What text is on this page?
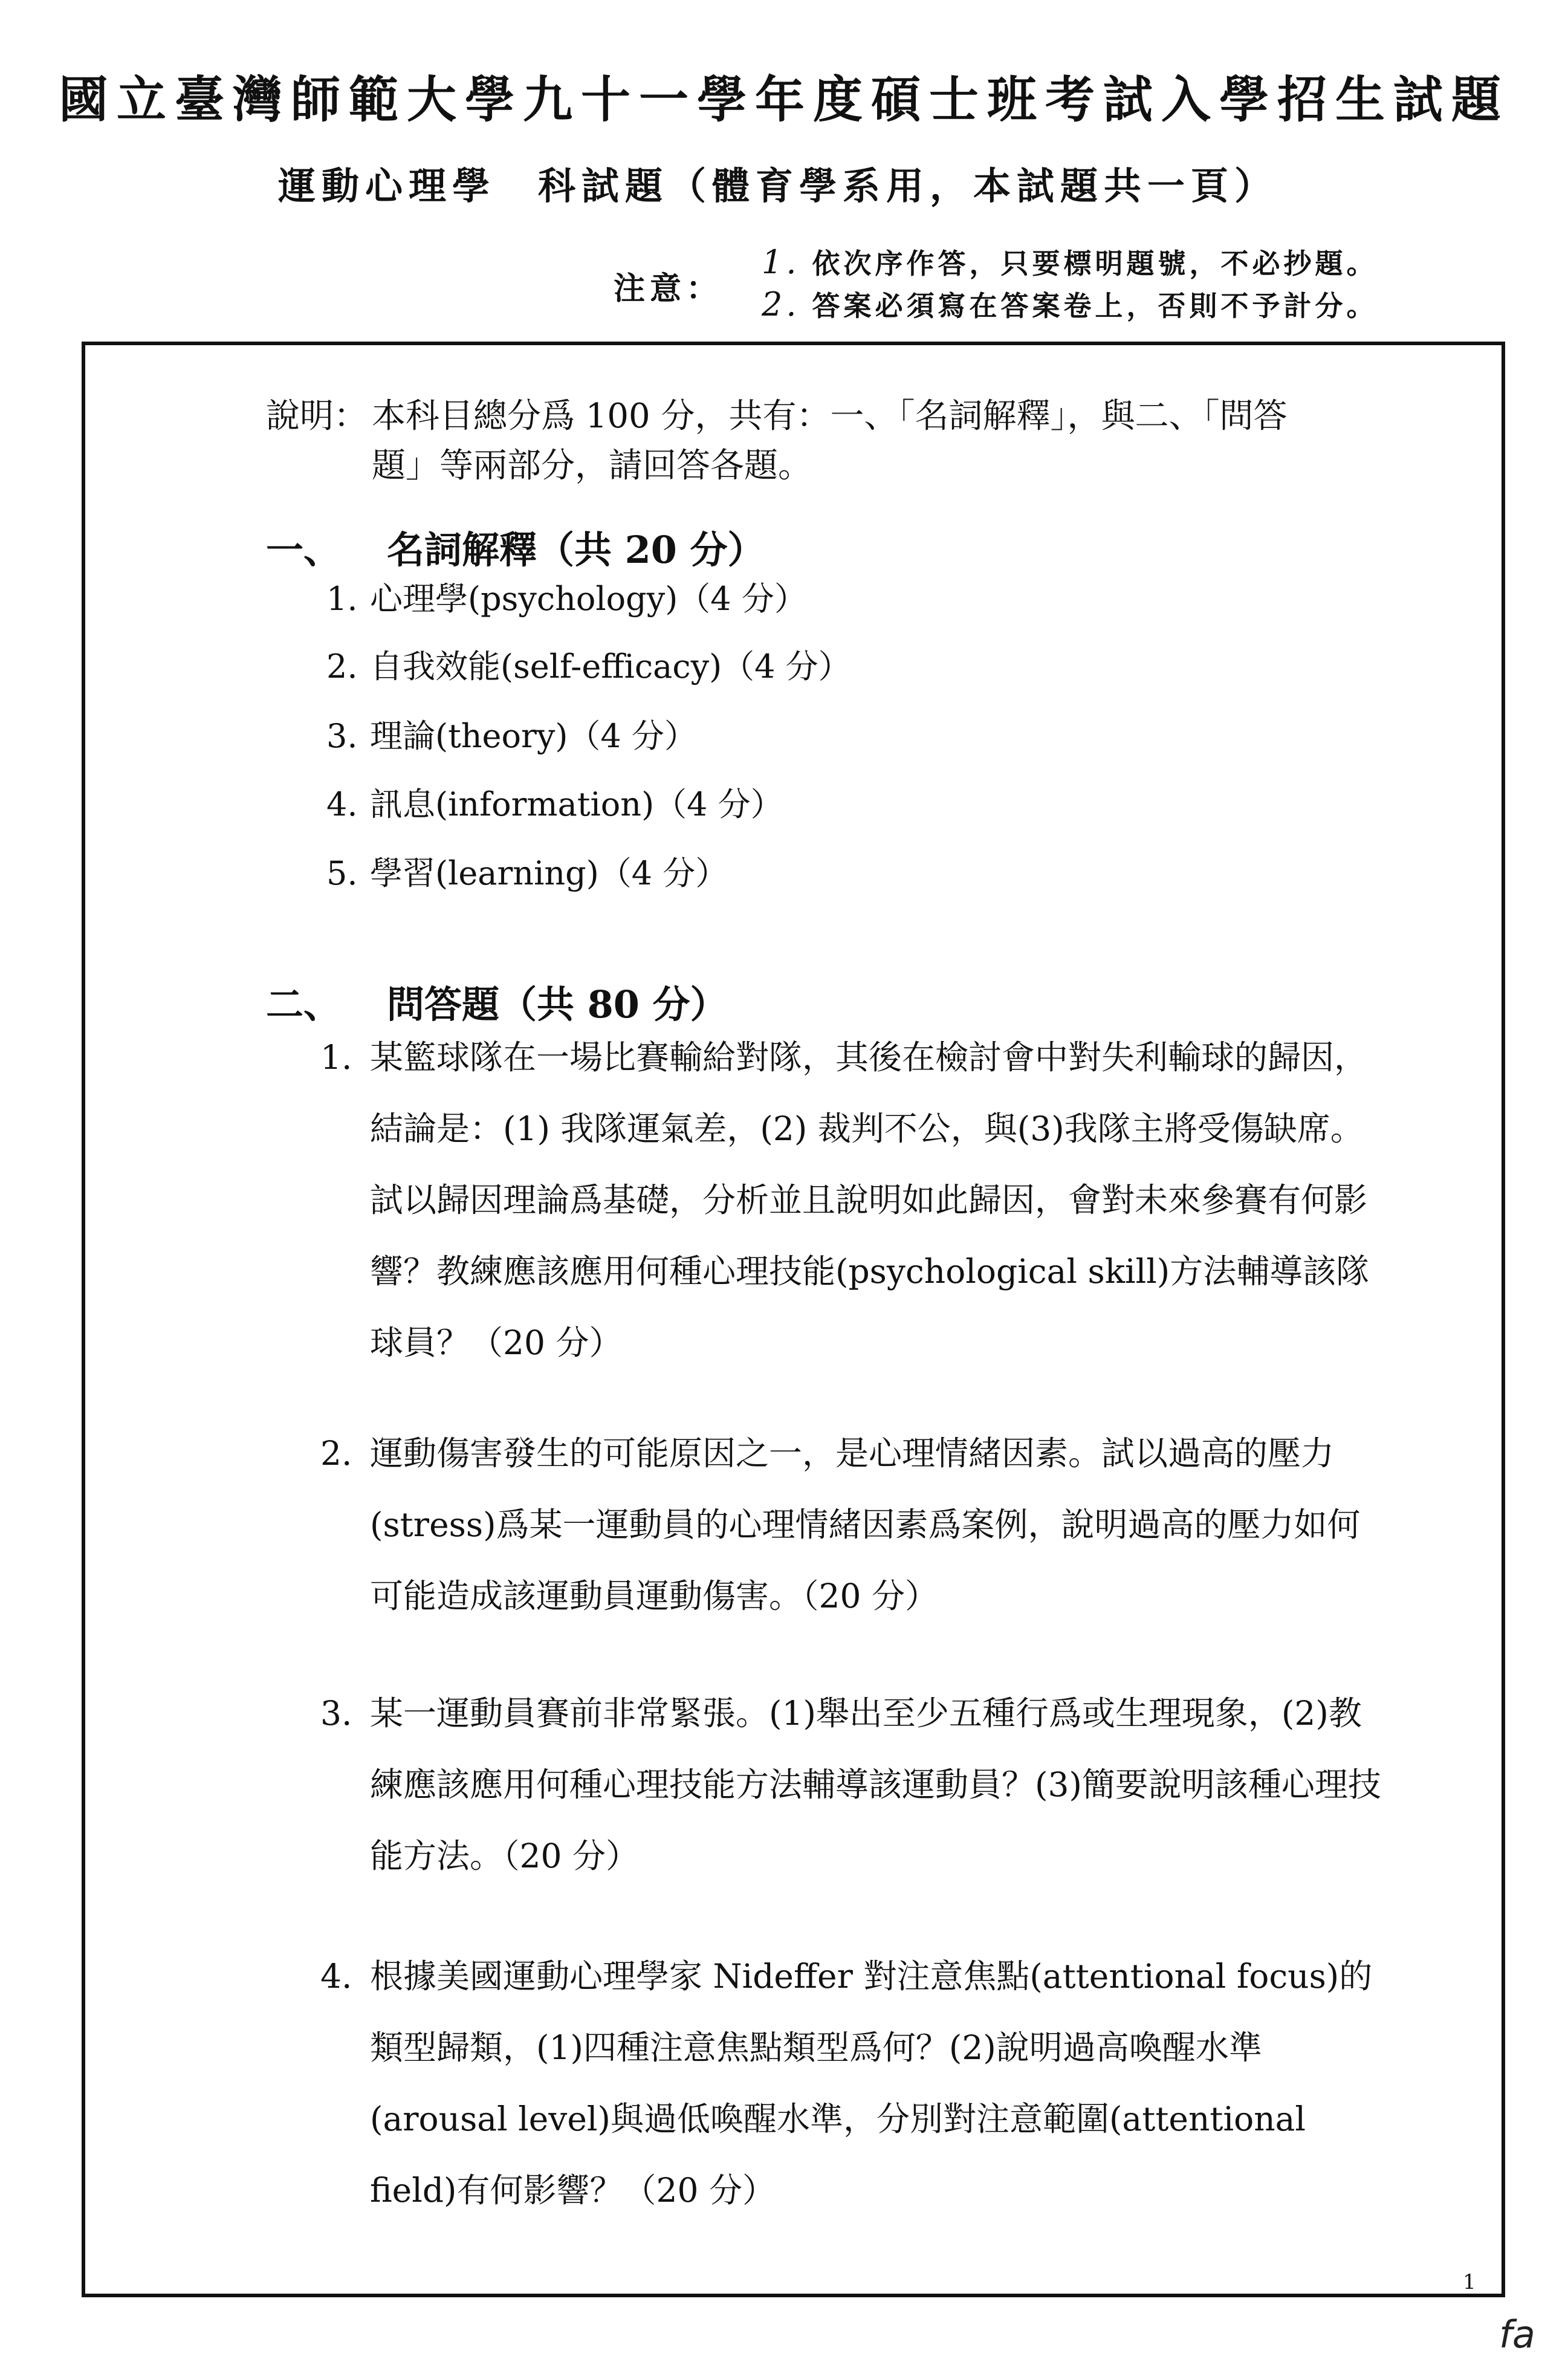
國立臺灣師範大學九十一學年度碩士班考試入學招生試題
運動心理學 科試題（體育學系用，本試題共一頁）
注意：
1. 依次序作答，只要標明題號，不必抄題。
2. 答案必須寫在答案卷上，否則不予計分。
說明： 本科目總分爲 100 分，共有：一、「名詞解釋」，與二、「問答題」等兩部分，請回答各題。
一、 名詞解釋（共 20 分）
1. 心理學(psychology)（4 分）
2. 自我效能(self-efficacy)（4 分）
3. 理論(theory)（4 分）
4. 訊息(information)（4 分）
5. 學習(learning)（4 分）
二、 問答題（共 80 分）
1. 某籃球隊在一場比賽輸給對隊，其後在檢討會中對失利輸球的歸因，結論是：(1) 我隊運氣差，(2) 裁判不公，與(3)我隊主將受傷缺席。試以歸因理論爲基礎，分析並且說明如此歸因，會對未來參賽有何影響？教練應該應用何種心理技能(psychological skill)方法輔導該隊球員？（20 分）
2. 運動傷害發生的可能原因之一，是心理情緒因素。試以過高的壓力(stress)爲某一運動員的心理情緒因素爲案例，說明過高的壓力如何可能造成該運動員運動傷害。（20 分）
3. 某一運動員賽前非常緊張。(1)舉出至少五種行爲或生理現象，(2)教練應該應用何種心理技能方法輔導該運動員？(3)簡要說明該種心理技能方法。（20 分）
4. 根據美國運動心理學家 Nideffer 對注意焦點(attentional focus)的類型歸類，(1)四種注意焦點類型爲何？(2)說明過高喚醒水準(arousal level)與過低喚醒水準，分別對注意範圍(attentional field)有何影響？（20 分）
1
fa
